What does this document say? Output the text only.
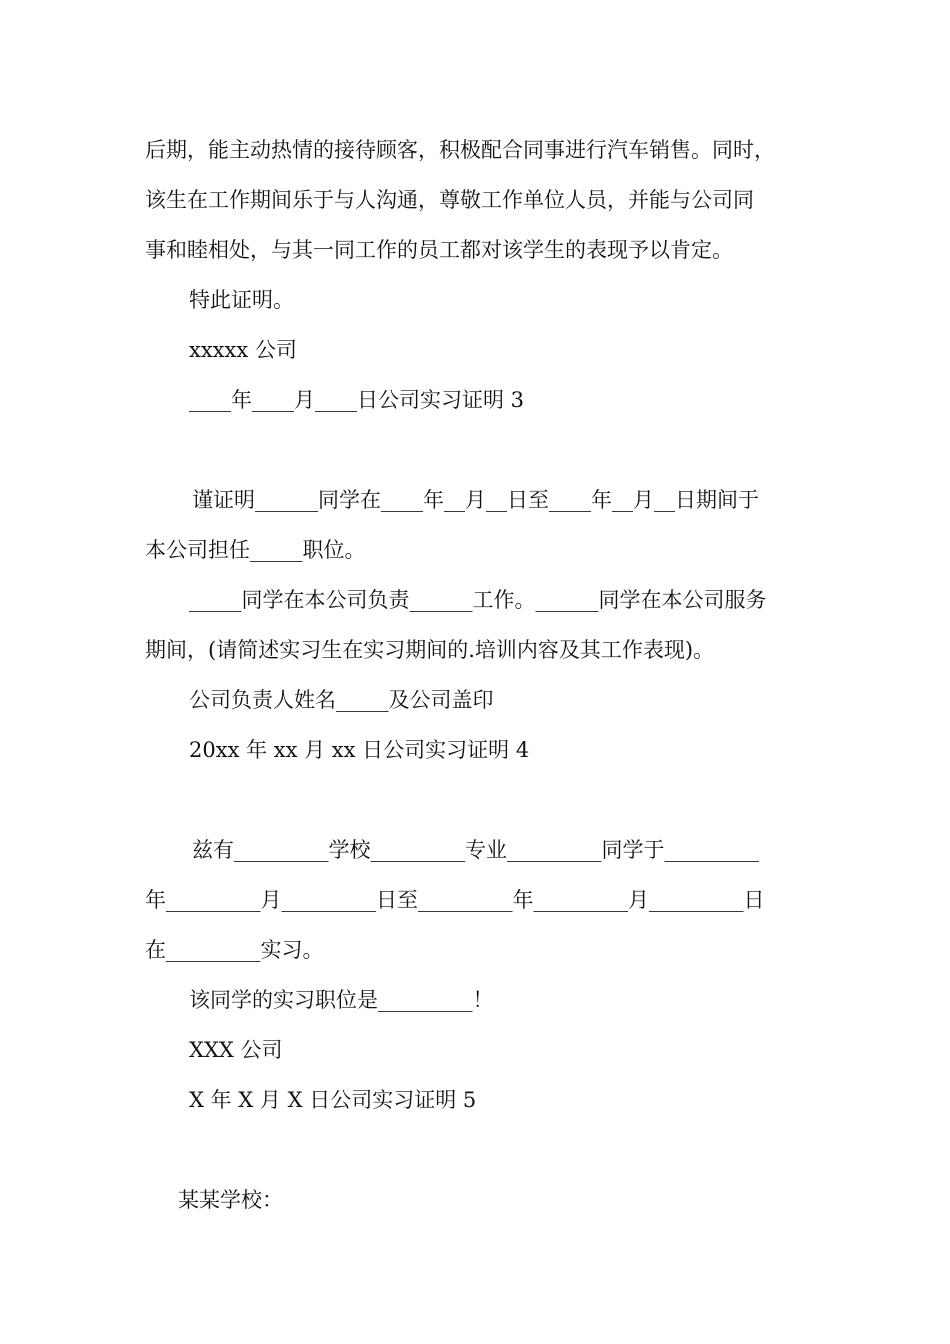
后期，能主动热情的接待顾客，积极配合同事进行汽车销售。同时，

该生在工作期间乐于与人沟通，尊敬工作单位人员，并能与公司同

事和睦相处，与其一同工作的员工都对该学生的表现予以肯定。

特此证明。

xxxxx 公司

____年____月____日公司实习证明 3

谨证明______同学在____年__月__日至____年__月__日期间于

本公司担任_____职位。

_____同学在本公司负责______工作。______同学在本公司服务

期间，(请简述实习生在实习期间的.培训内容及其工作表现)。

公司负责人姓名_____及公司盖印

20xx 年 xx 月 xx 日公司实习证明 4

兹有_________学校_________专业_________同学于_________

年_________月_________日至_________年_________月_________日

在_________实习。

该同学的实习职位是_________！

XXX 公司

X 年 X 月 X 日公司实习证明 5

某某学校：
